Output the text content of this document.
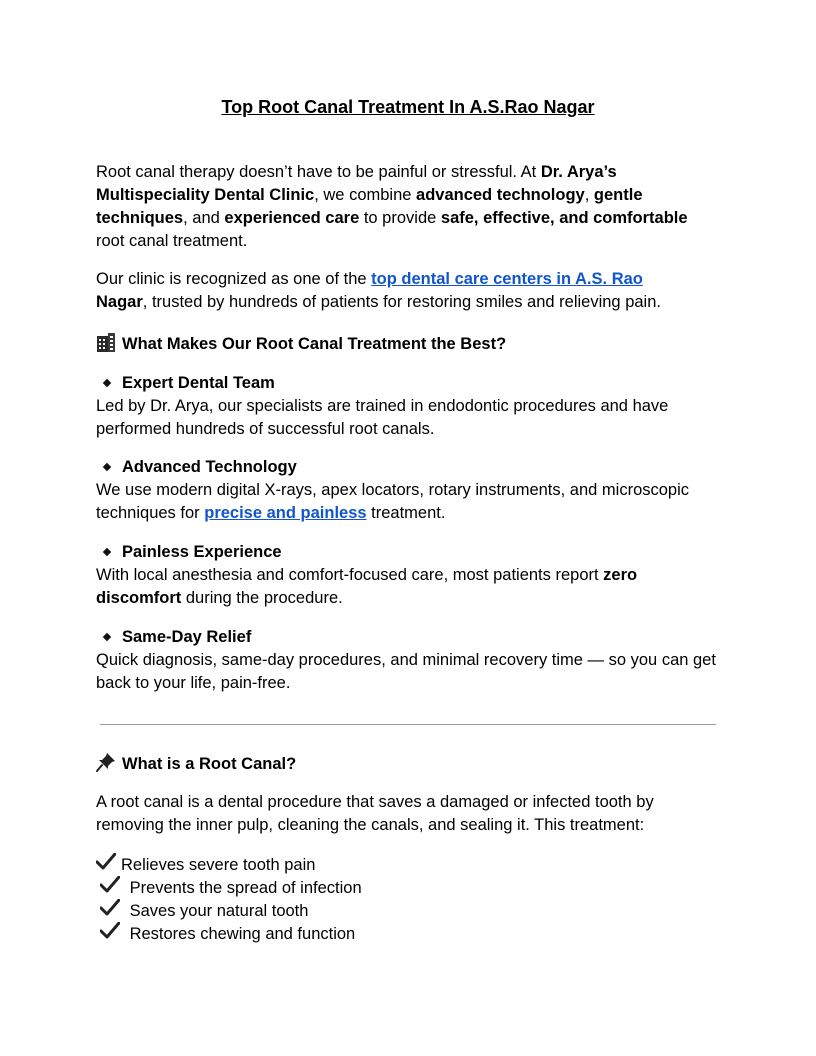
Top Root Canal Treatment In A.S.Rao Nagar
Root canal therapy doesn’t have to be painful or stressful. At Dr. Arya’s Multispeciality Dental Clinic, we combine advanced technology, gentle techniques, and experienced care to provide safe, effective, and comfortable root canal treatment.
Our clinic is recognized as one of the top dental care centers in A.S. Rao
Nagar, trusted by hundreds of patients for restoring smiles and relieving pain.
What Makes Our Root Canal Treatment the Best?
Expert Dental Team
Led by Dr. Arya, our specialists are trained in endodontic procedures and have performed hundreds of successful root canals.
Advanced Technology
We use modern digital X-rays, apex locators, rotary instruments, and microscopic techniques for precise and painless treatment.
Painless Experience
With local anesthesia and comfort-focused care, most patients report zero discomfort during the procedure.
Same-Day Relief
Quick diagnosis, same-day procedures, and minimal recovery time — so you can get back to your life, pain-free.
What is a Root Canal?
A root canal is a dental procedure that saves a damaged or infected tooth by removing the inner pulp, cleaning the canals, and sealing it. This treatment:
Relieves severe tooth pain
Prevents the spread of infection
Saves your natural tooth
Restores chewing and function
